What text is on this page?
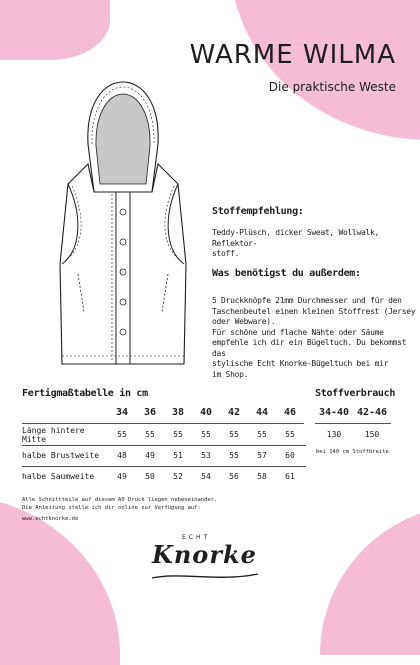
WARME WILMA
Die praktische Weste
Stoffempfehlung:
Teddy-Plüsch, dicker Sweat, Wollwalk, Reflektor-
stoff.
Was benötigst du außerdem:
5 Druckknöpfe 21mm Durchmesser und für den
Taschenbeutel einen kleinen Stoffrest (Jersey
oder Webware).
Für schöne und flache Nähte oder Säume
empfehle ich dir ein Bügeltuch. Du bekommst das
stylische Echt Knorke-Bügeltuch bei mir
im Shop.
Fertigmaßtabelle in cm
	34	36	38	40	42	44	46
Länge hintere Mitte	55	55	55	55	55	55	55
halbe Brustweite	48	49	51	53	55	57	60
halbe Saumweite	49	50	52	54	56	58	61
Stoffverbrauch
34-40	42-46
130	150
bei 140 cm Stoffbreite
Alle Schnittteile auf diesem A0 Druck liegen nebeneinander.
Die Anleitung stelle ich dir online zur Verfügung auf:
www.echtknorke.de
ECHT
Knorke
